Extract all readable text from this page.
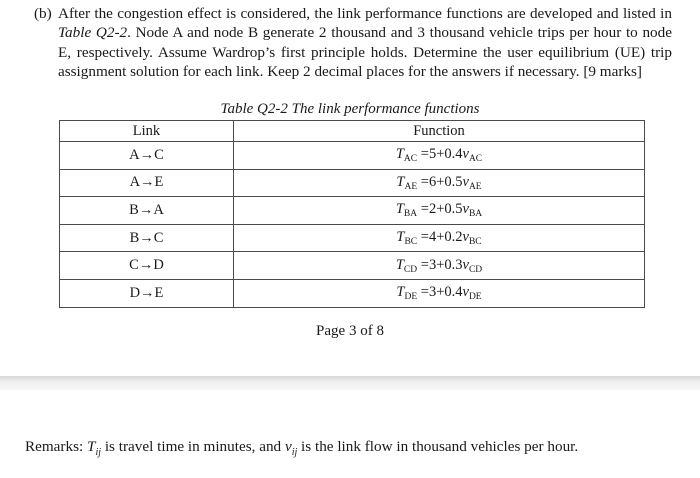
(b) After the congestion effect is considered, the link performance functions are developed and listed in Table Q2-2. Node A and node B generate 2 thousand and 3 thousand vehicle trips per hour to node E, respectively. Assume Wardrop’s first principle holds. Determine the user equilibrium (UE) trip assignment solution for each link. Keep 2 decimal places for the answers if necessary. [9 marks]
Table Q2-2 The link performance functions
Link	Function
A→C	$T_{AC} =5+0.4v_{AC}$
A→E	$T_{AE} =6+0.5v_{AE}$
B→A	$T_{BA} =2+0.5v_{BA}$
B→C	$T_{BC} =4+0.2v_{BC}$
C→D	$T_{CD} =3+0.3v_{CD}$
D→E	$T_{DE} =3+0.4v_{DE}$
Page 3 of 8
Remarks: $T_{ij}$ is travel time in minutes, and $v_{ij}$ is the link flow in thousand vehicles per hour.
